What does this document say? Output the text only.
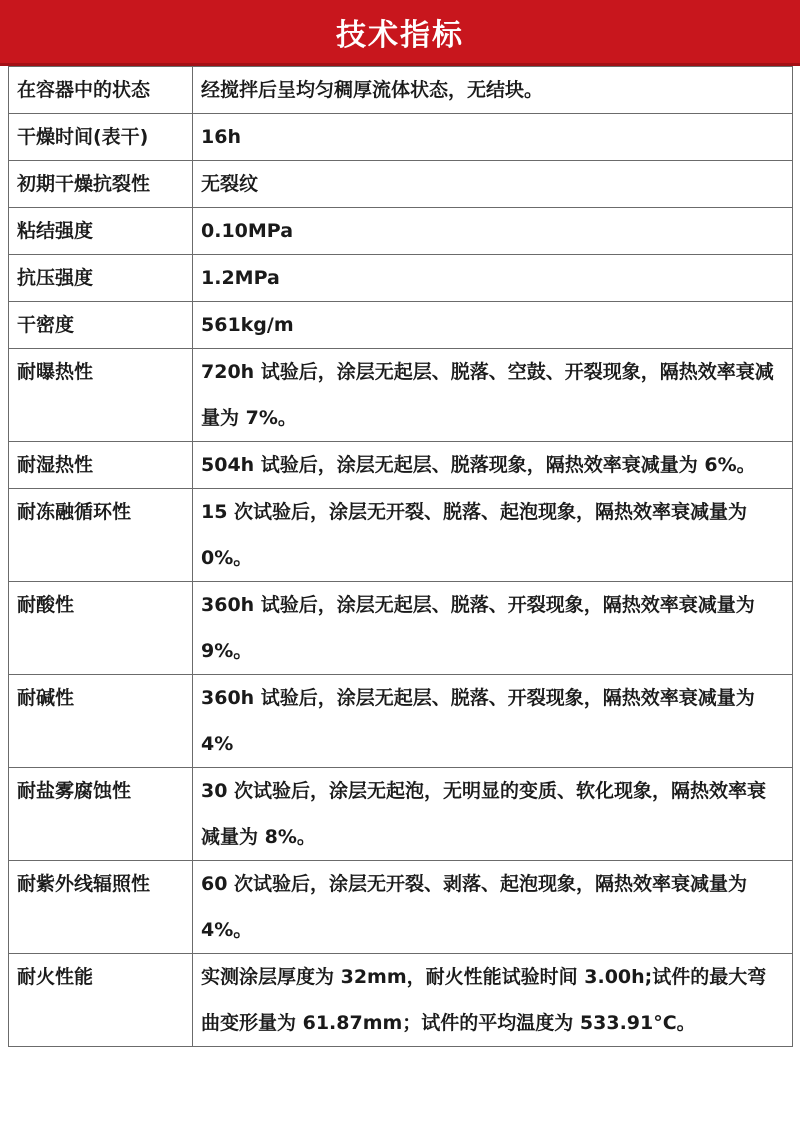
技术指标
在容器中的状态	经搅拌后呈均匀稠厚流体状态，无结块。
干燥时间(表干)	16h
初期干燥抗裂性	无裂纹
粘结强度	0.10MPa
抗压强度	1.2MPa
干密度	561kg/m
耐曝热性	720h 试验后，涂层无起层、脱落、空鼓、开裂现象，隔热效率衰减量为 7%。
耐湿热性	504h 试验后，涂层无起层、脱落现象，隔热效率衰减量为 6%。
耐冻融循环性	15 次试验后，涂层无开裂、脱落、起泡现象，隔热效率衰减量为 0%。
耐酸性	360h 试验后，涂层无起层、脱落、开裂现象，隔热效率衰减量为 9%。
耐碱性	360h 试验后，涂层无起层、脱落、开裂现象，隔热效率衰减量为 4%
耐盐雾腐蚀性	30 次试验后，涂层无起泡，无明显的变质、软化现象，隔热效率衰减量为 8%。
耐紫外线辐照性	60 次试验后，涂层无开裂、剥落、起泡现象，隔热效率衰减量为 4%。
耐火性能	实测涂层厚度为 32mm，耐火性能试验时间 3.00h;试件的最大弯曲变形量为 61.87mm；试件的平均温度为 533.91°C。
